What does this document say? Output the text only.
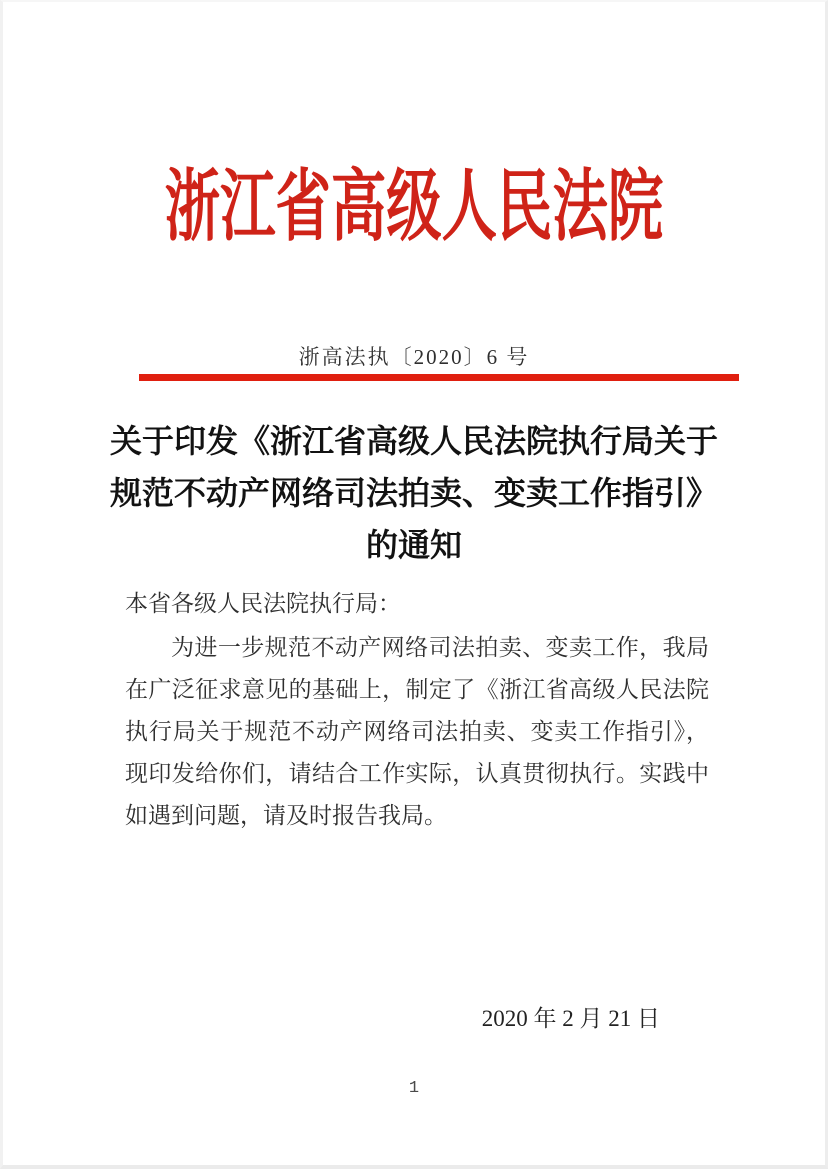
浙江省高级人民法院
浙高法执〔2020〕6 号
关于印发《浙江省高级人民法院执行局关于
规范不动产网络司法拍卖、变卖工作指引》
的通知
本省各级人民法院执行局：
为进一步规范不动产网络司法拍卖、变卖工作，我局在广泛征求意见的基础上，制定了《浙江省高级人民法院执行局关于规范不动产网络司法拍卖、变卖工作指引》，现印发给你们，请结合工作实际，认真贯彻执行。实践中如遇到问题，请及时报告我局。
2020 年 2 月 21 日
1
